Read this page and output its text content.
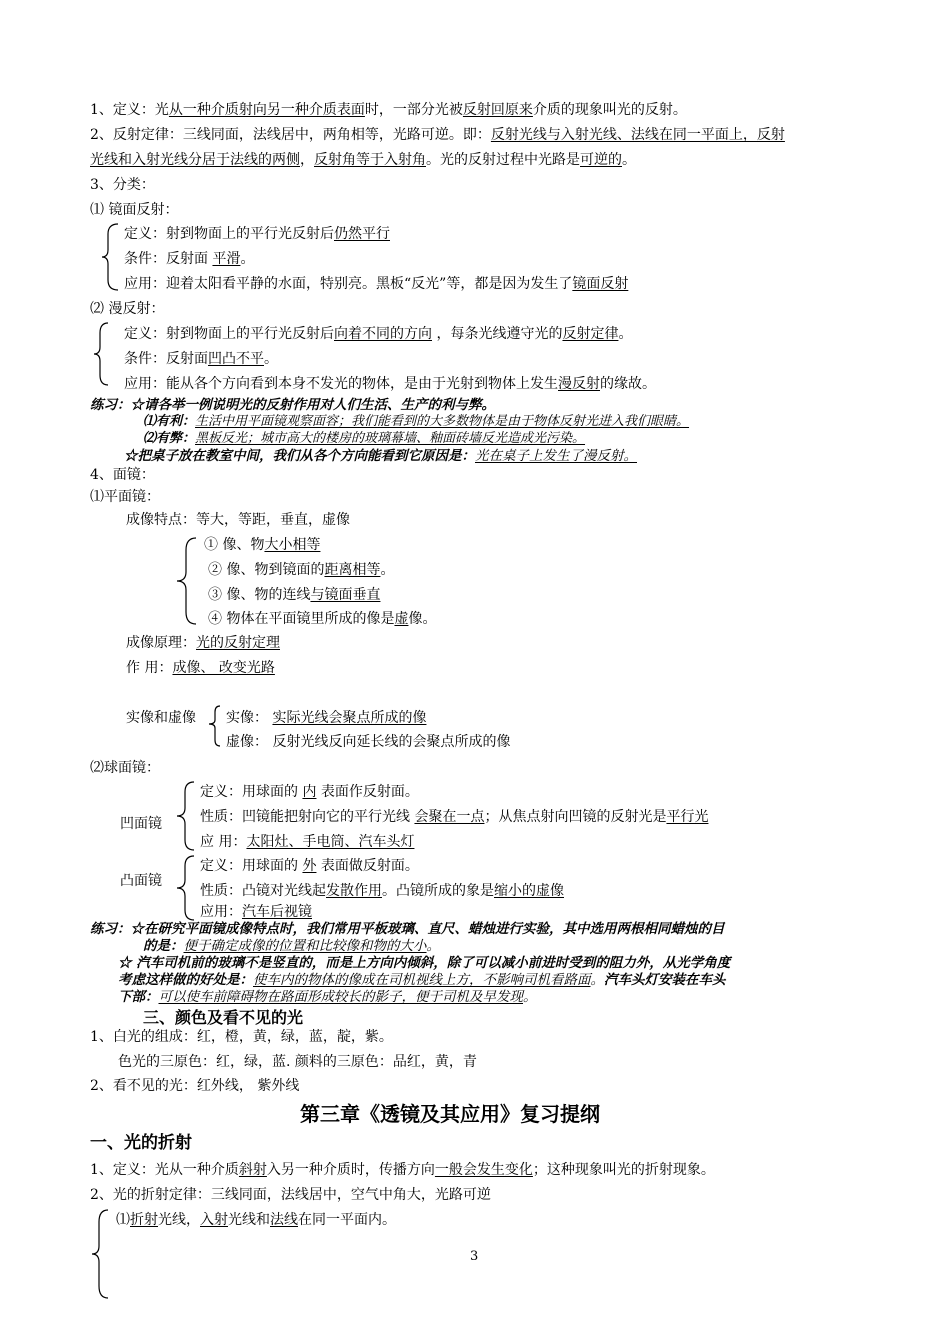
1、定义：光从一种介质射向另一种介质表面时，一部分光被反射回原来介质的现象叫光的反射。
2、反射定律：三线同面，法线居中，两角相等，光路可逆。即：反射光线与入射光线、法线在同一平面上，反射
光线和入射光线分居于法线的两侧，反射角等于入射角。光的反射过程中光路是可逆的。
3、分类：
⑴ 镜面反射：
定义：射到物面上的平行光反射后仍然平行
条件：反射面 平滑。
应用：迎着太阳看平静的水面，特别亮。黑板“反光”等，都是因为发生了镜面反射
⑵ 漫反射：
定义：射到物面上的平行光反射后向着不同的方向 ，每条光线遵守光的反射定律。
条件：反射面凹凸不平。
应用：能从各个方向看到本身不发光的物体，是由于光射到物体上发生漫反射的缘故。
练习：☆请各举一例说明光的反射作用对人们生活、生产的利与弊。
⑴有利：生活中用平面镜观察面容；我们能看到的大多数物体是由于物体反射光进入我们眼睛。
⑵有弊：黑板反光；城市高大的楼房的玻璃幕墙、釉面砖墙反光造成光污染。
☆把桌子放在教室中间，我们从各个方向能看到它原因是：光在桌子上发生了漫反射。
4、面镜：
⑴平面镜：
成像特点：等大，等距，垂直，虚像
① 像、物大小相等
② 像、物到镜面的距离相等。
③ 像、物的连线与镜面垂直
④ 物体在平面镜里所成的像是虚像。
成像原理：光的反射定理
作 用：成像、 改变光路
实像和虚像 实像： 实际光线会聚点所成的像
虚像： 反射光线反向延长线的会聚点所成的像
⑵球面镜：
凹面镜
定义：用球面的 内 表面作反射面。
性质：凹镜能把射向它的平行光线 会聚在一点；从焦点射向凹镜的反射光是平行光
应 用：太阳灶、手电筒、汽车头灯
凸面镜
定义：用球面的 外 表面做反射面。
性质：凸镜对光线起发散作用。凸镜所成的象是缩小的虚像
应用：汽车后视镜
练习：☆在研究平面镜成像特点时，我们常用平板玻璃、直尺、蜡烛进行实验，其中选用两根相同蜡烛的目
的是：便于确定成像的位置和比较像和物的大小。
☆ 汽车司机前的玻璃不是竖直的，而是上方向内倾斜，除了可以减小前进时受到的阻力外，从光学角度
考虑这样做的好处是：使车内的物体的像成在司机视线上方，不影响司机看路面。汽车头灯安装在车头
下部：可以使车前障碍物在路面形成较长的影子，便于司机及早发现。
三、颜色及看不见的光
1、白光的组成：红，橙，黄，绿，蓝，靛，紫。
色光的三原色：红，绿，蓝. 颜料的三原色：品红，黄，青
2、看不见的光：红外线， 紫外线
第三章《透镜及其应用》复习提纲
一、光的折射
1、定义：光从一种介质斜射入另一种介质时，传播方向一般会发生变化；这种现象叫光的折射现象。
2、光的折射定律：三线同面，法线居中，空气中角大，光路可逆
⑴折射光线，入射光线和法线在同一平面内。
3
